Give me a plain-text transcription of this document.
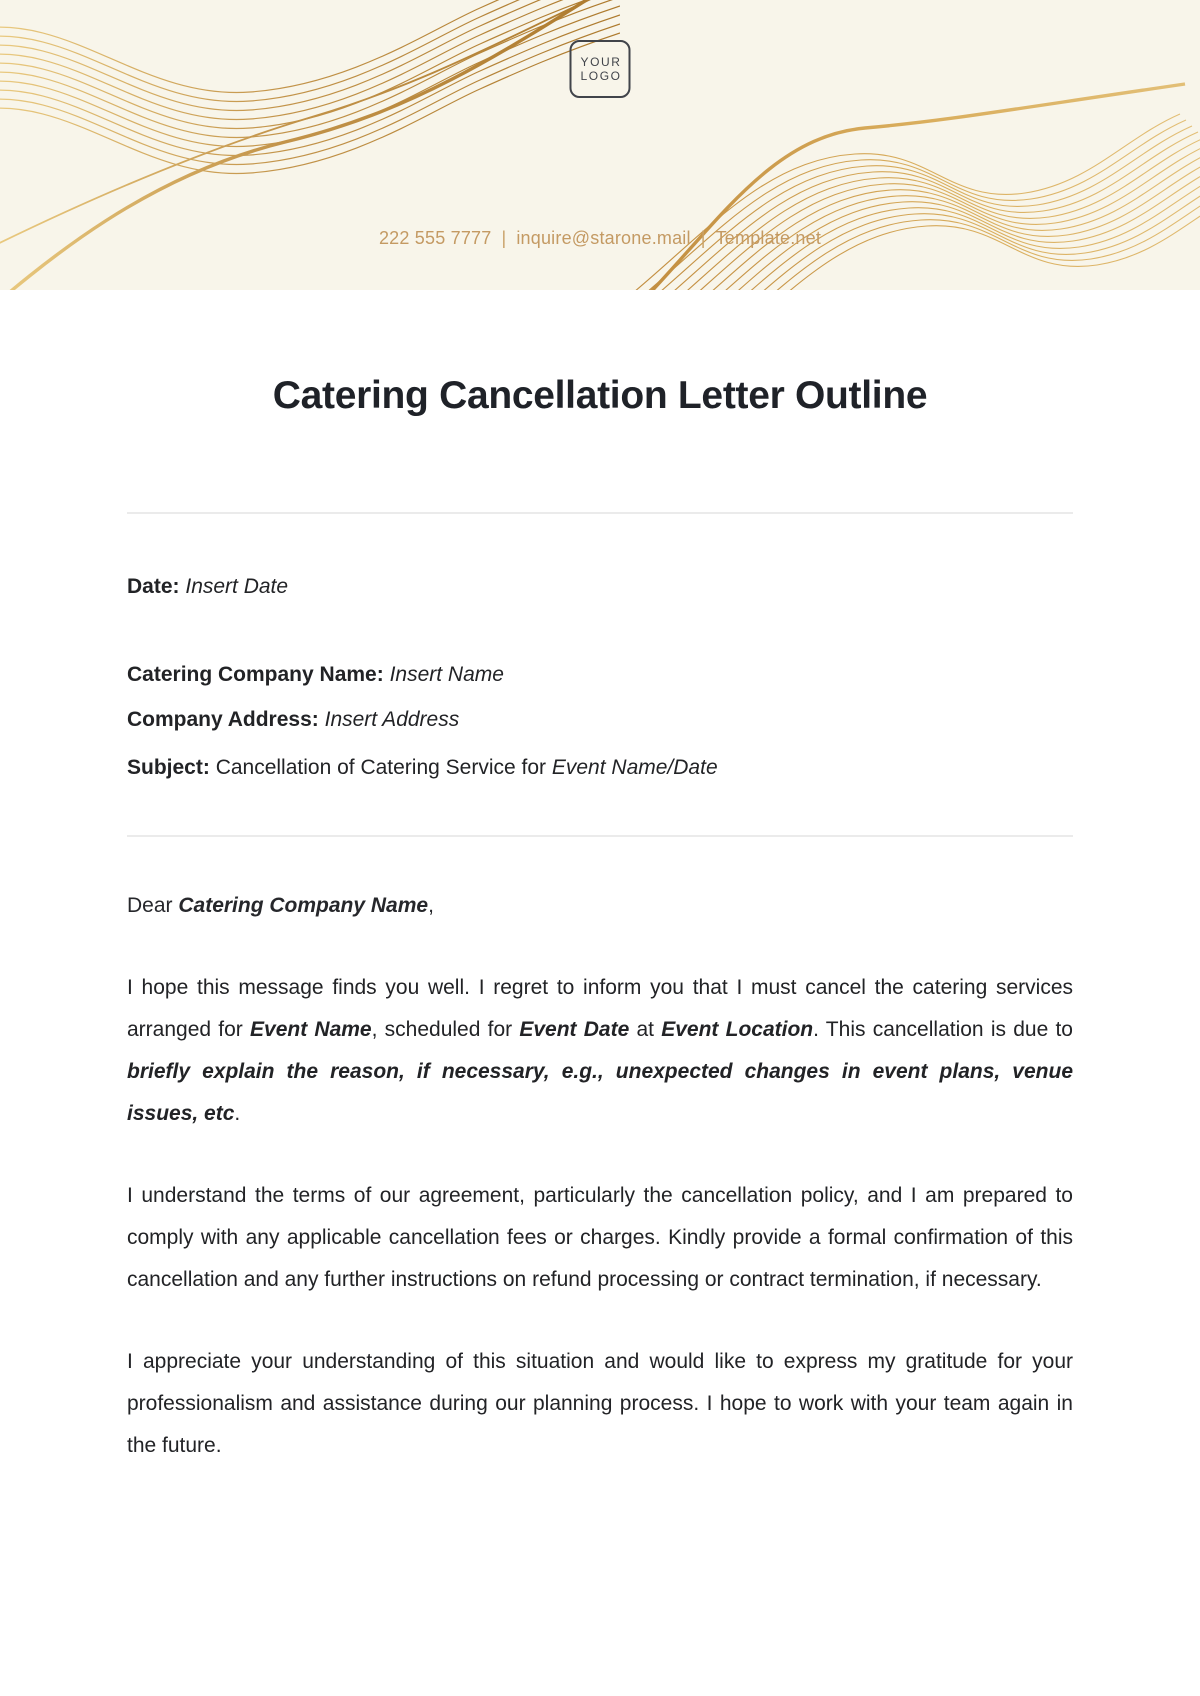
YOUR
LOGO
222 555 7777 | inquire@starone.mail | Template.net
Catering Cancellation Letter Outline

Date: Insert Date

Catering Company Name: Insert Name

Company Address: Insert Address

Subject: Cancellation of Catering Service for Event Name/Date

Dear Catering Company Name,

I hope this message finds you well. I regret to inform you that I must cancel the catering services arranged for Event Name, scheduled for Event Date at Event Location. This cancellation is due to briefly explain the reason, if necessary, e.g., unexpected changes in event plans, venue issues, etc.

I understand the terms of our agreement, particularly the cancellation policy, and I am prepared to comply with any applicable cancellation fees or charges. Kindly provide a formal confirmation of this cancellation and any further instructions on refund processing or contract termination, if necessary.

I appreciate your understanding of this situation and would like to express my gratitude for your professionalism and assistance during our planning process. I hope to work with your team again in the future.
